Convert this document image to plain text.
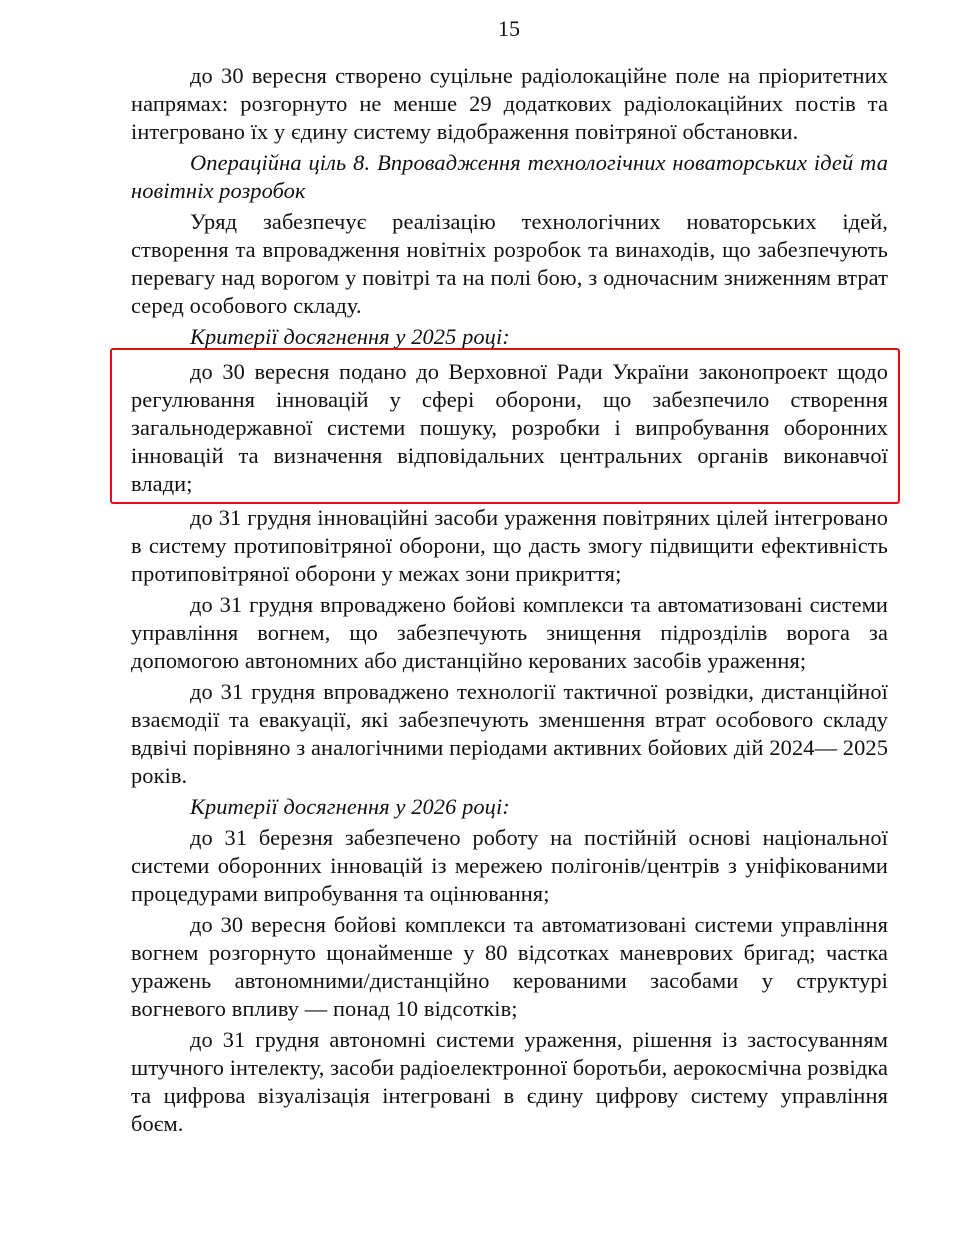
15

до 30 вересня створено суцільне радіолокаційне поле на пріоритетних напрямах: розгорнуто не менше 29 додаткових радіолокаційних постів та інтегровано їх у єдину систему відображення повітряної обстановки.

Операційна ціль 8. Впровадження технологічних новаторських ідей та новітніх розробок

Уряд забезпечує реалізацію технологічних новаторських ідей, створення та впровадження новітніх розробок та винаходів, що забезпечують перевагу над ворогом у повітрі та на полі бою, з одночасним зниженням втрат серед особового складу.

Критерії досягнення у 2025 році:

до 30 вересня подано до Верховної Ради України законопроект щодо регулювання інновацій у сфері оборони, що забезпечило створення загальнодержавної системи пошуку, розробки і випробування оборонних інновацій та визначення відповідальних центральних органів виконавчої влади;

до 31 грудня інноваційні засоби ураження повітряних цілей інтегровано в систему протиповітряної оборони, що дасть змогу підвищити ефективність протиповітряної оборони у межах зони прикриття;

до 31 грудня впроваджено бойові комплекси та автоматизовані системи управління вогнем, що забезпечують знищення підрозділів ворога за допомогою автономних або дистанційно керованих засобів ураження;

до 31 грудня впроваджено технології тактичної розвідки, дистанційної взаємодії та евакуації, які забезпечують зменшення втрат особового складу вдвічі порівняно з аналогічними періодами активних бойових дій 2024— 2025 років.

Критерії досягнення у 2026 році:

до 31 березня забезпечено роботу на постійній основі національної системи оборонних інновацій із мережею полігонів/центрів з уніфікованими процедурами випробування та оцінювання;

до 30 вересня бойові комплекси та автоматизовані системи управління вогнем розгорнуто щонайменше у 80 відсотках маневрових бригад; частка уражень автономними/дистанційно керованими засобами у структурі вогневого впливу — понад 10 відсотків;

до 31 грудня автономні системи ураження, рішення із застосуванням штучного інтелекту, засоби радіоелектронної боротьби, аерокосмічна розвідка та цифрова візуалізація інтегровані в єдину цифрову систему управління боєм.
